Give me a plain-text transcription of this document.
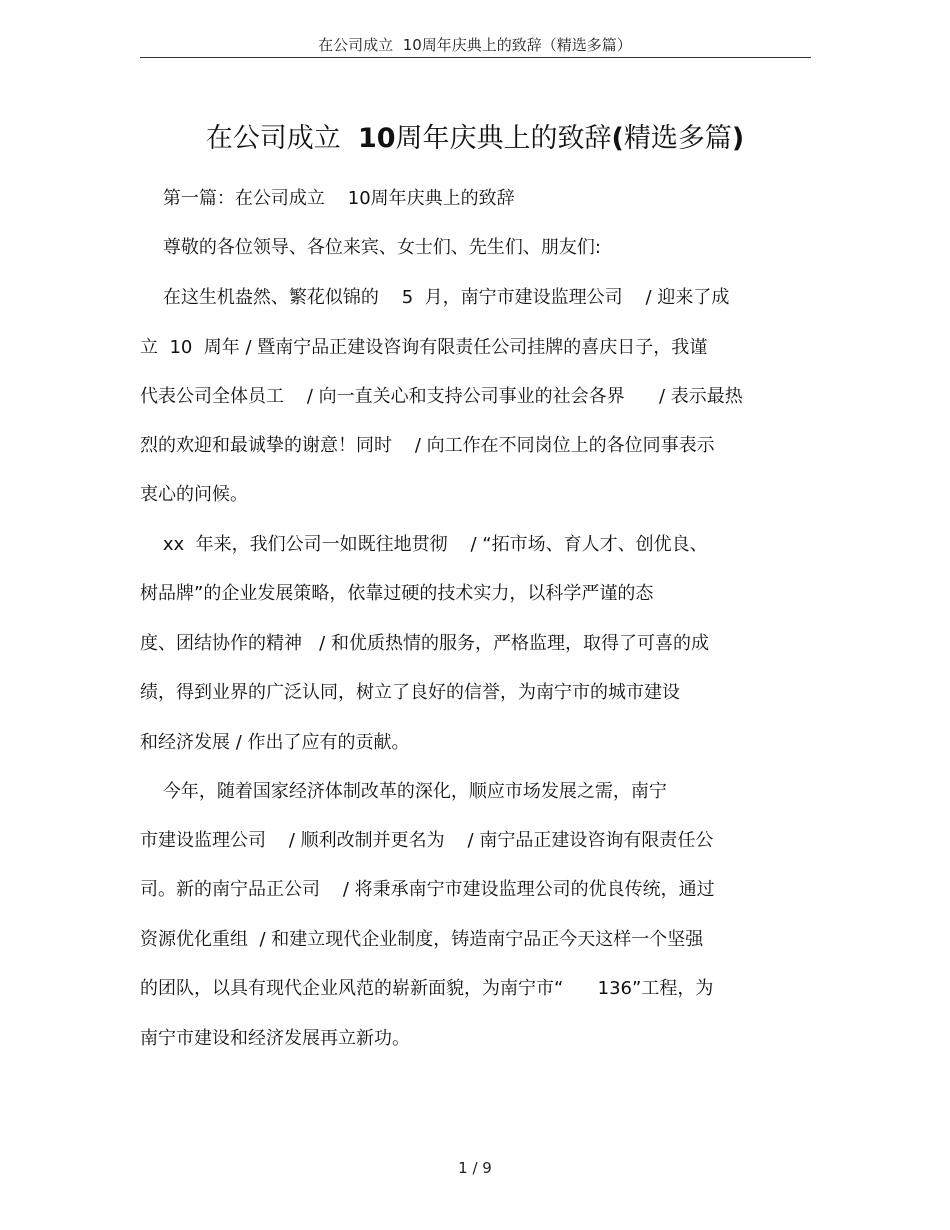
在公司成立  10周年庆典上的致辞（精选多篇）
在公司成立  10周年庆典上的致辞(精选多篇)
第一篇：在公司成立    10周年庆典上的致辞
尊敬的各位领导、各位来宾、女士们、先生们、朋友们:
在这生机盎然、繁花似锦的    5  月，南宁市建设监理公司    / 迎来了成
立  10  周年 / 暨南宁品正建设咨询有限责任公司挂牌的喜庆日子，我谨
代表公司全体员工    / 向一直关心和支持公司事业的社会各界      / 表示最热
烈的欢迎和最诚挚的谢意！同时    / 向工作在不同岗位上的各位同事表示
衷心的问候。
xx  年来，我们公司一如既往地贯彻    / “拓市场、育人才、创优良、
树品牌”的企业发展策略，依靠过硬的技术实力，以科学严谨的态
度、团结协作的精神   / 和优质热情的服务，严格监理，取得了可喜的成
绩，得到业界的广泛认同，树立了良好的信誉，为南宁市的城市建设
和经济发展 / 作出了应有的贡献。
今年，随着国家经济体制改革的深化，顺应市场发展之需，南宁
市建设监理公司    / 顺利改制并更名为    / 南宁品正建设咨询有限责任公
司。新的南宁品正公司    / 将秉承南宁市建设监理公司的优良传统，通过
资源优化重组  / 和建立现代企业制度，铸造南宁品正今天这样一个坚强
的团队，以具有现代企业风范的崭新面貌，为南宁市“      136”工程，为
南宁市建设和经济发展再立新功。
1 / 9
